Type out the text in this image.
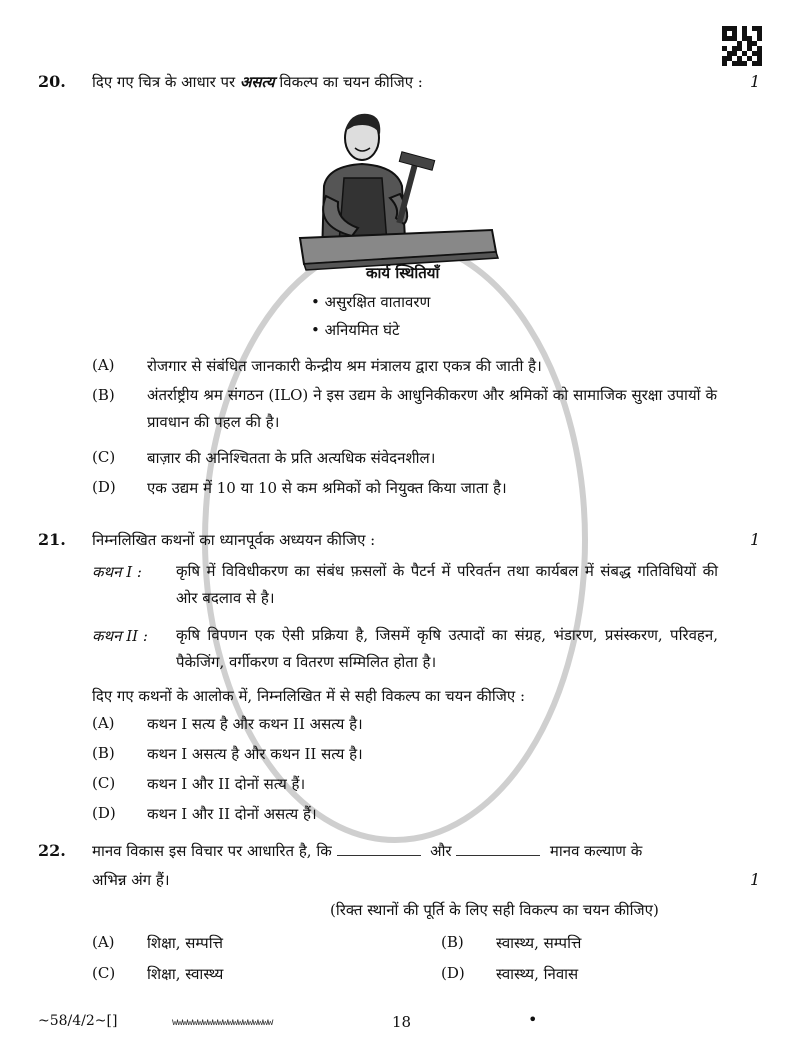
20. दिए गए चित्र के आधार पर असत्य विकल्प का चयन कीजिए :	1
कार्य स्थितियाँ
• असुरक्षित वातावरण
• अनियमित घंटे
(A) रोजगार से संबंधित जानकारी केन्द्रीय श्रम मंत्रालय द्वारा एकत्र की जाती है।
(B) अंतर्राष्ट्रीय श्रम संगठन (ILO) ने इस उद्यम के आधुनिकीकरण और श्रमिकों को सामाजिक सुरक्षा उपायों के प्रावधान की पहल की है।
(C) बाज़ार की अनिश्चितता के प्रति अत्यधिक संवेदनशील।
(D) एक उद्यम में 10 या 10 से कम श्रमिकों को नियुक्त किया जाता है।
21. निम्नलिखित कथनों का ध्यानपूर्वक अध्ययन कीजिए :	1
कथन I : कृषि में विविधीकरण का संबंध फ़सलों के पैटर्न में परिवर्तन तथा कार्यबल में संबद्ध गतिविधियों की ओर बदलाव से है।
कथन II : कृषि विपणन एक ऐसी प्रक्रिया है, जिसमें कृषि उत्पादों का संग्रह, भंडारण, प्रसंस्करण, परिवहन, पैकेजिंग, वर्गीकरण व वितरण सम्मिलित होता है।
दिए गए कथनों के आलोक में, निम्नलिखित में से सही विकल्प का चयन कीजिए :
(A) कथन I सत्य है और कथन II असत्य है।
(B) कथन I असत्य है और कथन II सत्य है।
(C) कथन I और II दोनों सत्य हैं।
(D) कथन I और II दोनों असत्य हैं।
22. मानव विकास इस विचार पर आधारित है, कि	और	मानव कल्याण के
अभिन्न अंग हैं।	1
(रिक्त स्थानों की पूर्ति के लिए सही विकल्प का चयन कीजिए)
(A) शिक्षा, सम्पत्ति	(B) स्वास्थ्य, सम्पत्ति
(C) शिक्षा, स्वास्थ्य	(D) स्वास्थ्य, निवास
~58/4/2~[]	wwwwwwwwwwwwwwwwwwww	18	•
